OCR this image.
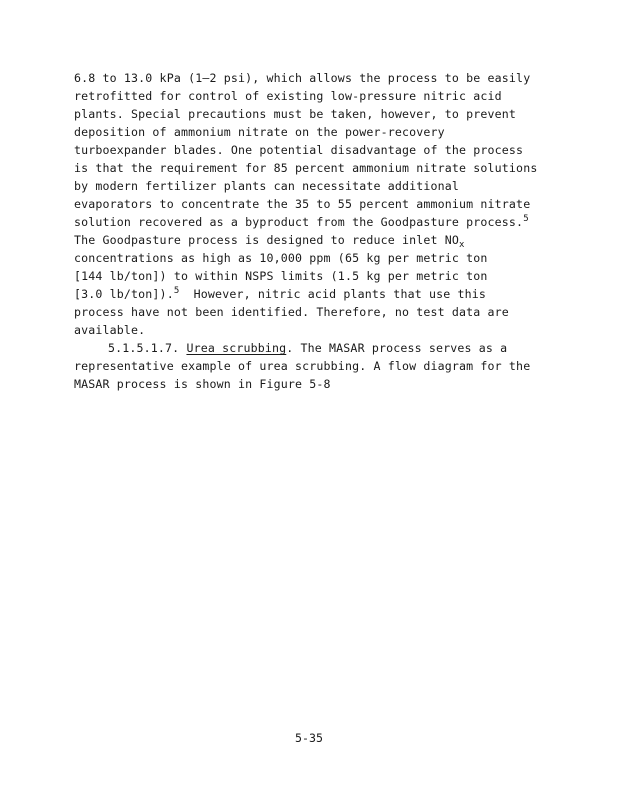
6.8 to 13.0 kPa (1–2 psi), which allows the process to be easily
retrofitted for control of existing low-pressure nitric acid
plants. Special precautions must be taken, however, to prevent
deposition of ammonium nitrate on the power-recovery
turboexpander blades. One potential disadvantage of the process
is that the requirement for 85 percent ammonium nitrate solutions
by modern fertilizer plants can necessitate additional
evaporators to concentrate the 35 to 55 percent ammonium nitrate
solution recovered as a byproduct from the Goodpasture process.$^5$
The Goodpasture process is designed to reduce inlet $NO_x$
concentrations as high as 10,000 ppm (65 kg per metric ton
[144 lb/ton]) to within NSPS limits (1.5 kg per metric ton
[3.0 lb/ton]).$^5$ However, nitric acid plants that use this
process have not been identified. Therefore, no test data are
available.
5.1.5.1.7. Urea scrubbing. The MASAR process serves as a
representative example of urea scrubbing. A flow diagram for the
MASAR process is shown in Figure 5-8
5-35
